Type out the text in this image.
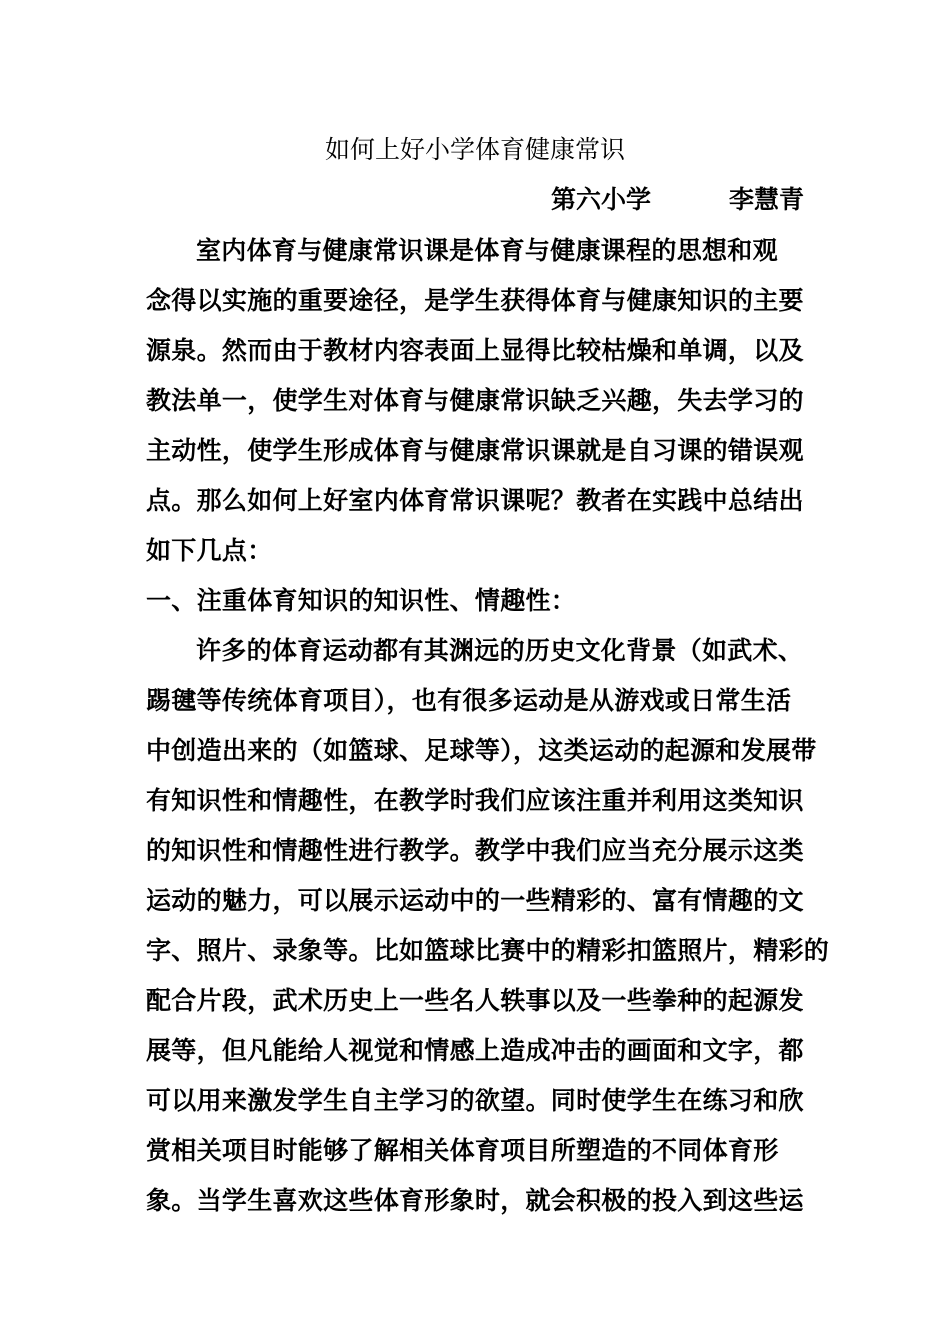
如何上好小学体育健康常识
第六小学	李慧青
室内体育与健康常识课是体育与健康课程的思想和观
念得以实施的重要途径，是学生获得体育与健康知识的主要
源泉。然而由于教材内容表面上显得比较枯燥和单调，以及
教法单一，使学生对体育与健康常识缺乏兴趣，失去学习的
主动性，使学生形成体育与健康常识课就是自习课的错误观
点。那么如何上好室内体育常识课呢？教者在实践中总结出
如下几点：
一、注重体育知识的知识性、情趣性：
许多的体育运动都有其渊远的历史文化背景（如武术、
踢毽等传统体育项目），也有很多运动是从游戏或日常生活
中创造出来的（如篮球、足球等），这类运动的起源和发展带
有知识性和情趣性，在教学时我们应该注重并利用这类知识
的知识性和情趣性进行教学。教学中我们应当充分展示这类
运动的魅力，可以展示运动中的一些精彩的、富有情趣的文
字、照片、录象等。比如篮球比赛中的精彩扣篮照片，精彩的
配合片段，武术历史上一些名人轶事以及一些拳种的起源发
展等，但凡能给人视觉和情感上造成冲击的画面和文字，都
可以用来激发学生自主学习的欲望。同时使学生在练习和欣
赏相关项目时能够了解相关体育项目所塑造的不同体育形
象。当学生喜欢这些体育形象时，就会积极的投入到这些运
